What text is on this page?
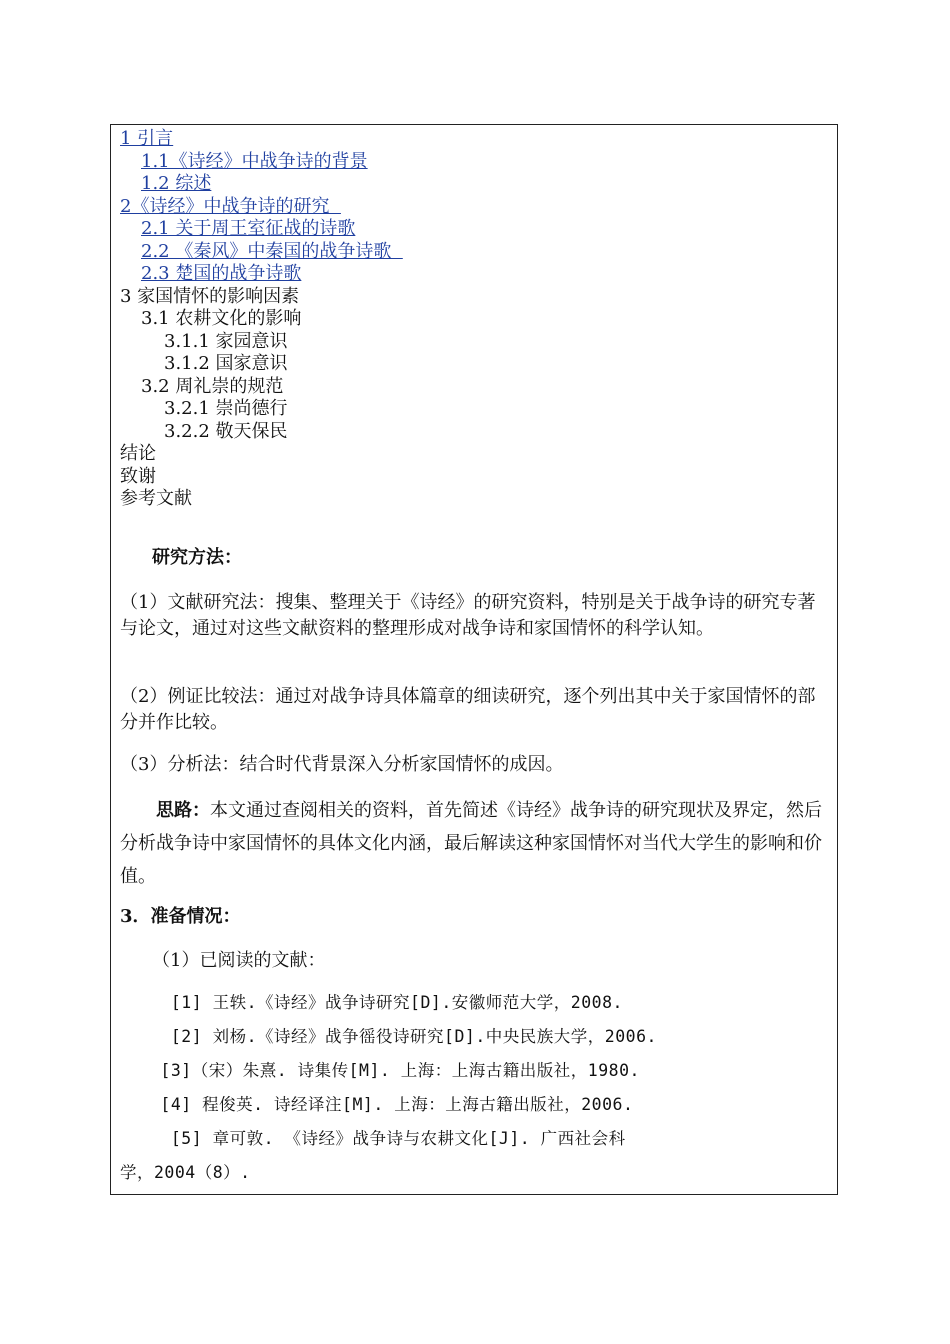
1 引言
1.1《诗经》中战争诗的背景
1.2 综述
2《诗经》中战争诗的研究
2.1 关于周王室征战的诗歌
2.2 《秦风》中秦国的战争诗歌
2.3 楚国的战争诗歌
3 家国情怀的影响因素
3.1 农耕文化的影响
3.1.1 家园意识
3.1.2 国家意识
3.2 周礼崇的规范
3.2.1 崇尚德行
3.2.2 敬天保民
结论
致谢
参考文献
研究方法：

（1）文献研究法：搜集、整理关于《诗经》的研究资料，特别是关于战争诗的研究专著与论文，通过对这些文献资料的整理形成对战争诗和家国情怀的科学认知。

（2）例证比较法：通过对战争诗具体篇章的细读研究，逐个列出其中关于家国情怀的部分并作比较。

（3）分析法：结合时代背景深入分析家国情怀的成因。

思路：本文通过查阅相关的资料，首先简述《诗经》战争诗的研究现状及界定，然后分析战争诗中家国情怀的具体文化内涵，最后解读这种家国情怀对当代大学生的影响和价值。

3．准备情况：
（1）已阅读的文献：
[1] 王轶.《诗经》战争诗研究[D].安徽师范大学，2008.
[2] 刘杨.《诗经》战争徭役诗研究[D].中央民族大学，2006.
[3]（宋）朱熹. 诗集传[M]. 上海：上海古籍出版社，1980.
[4] 程俊英. 诗经译注[M]. 上海：上海古籍出版社，2006.
[5] 章可敦. 《诗经》战争诗与农耕文化[J]. 广西社会科
学，2004（8）.
